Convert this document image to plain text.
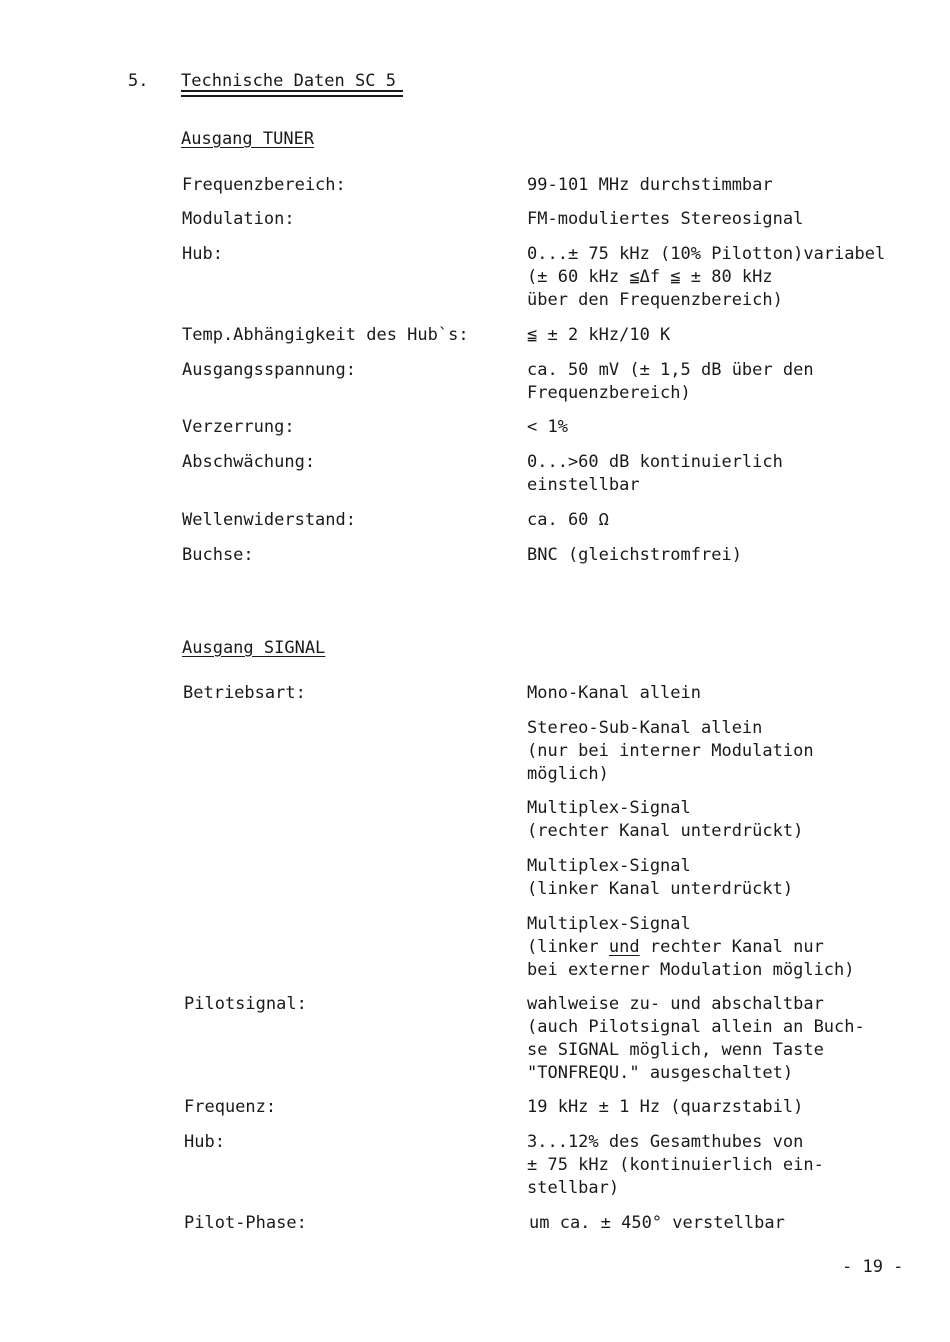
5. Technische Daten SC 5
Ausgang TUNER
Frequenzbereich:	99-101 MHz durchstimmbar
Modulation:	FM-moduliertes Stereosignal
Hub:	0...± 75 kHz (10% Pilotton)variabel
(± 60 kHz ≦Δf ≦ ± 80 kHz
über den Frequenzbereich)
Temp.Abhängigkeit des Hub`s:	≦ ± 2 kHz/10 K
Ausgangsspannung:	ca. 50 mV (± 1,5 dB über den
Frequenzbereich)
Verzerrung:	< 1%
Abschwächung:	0...>60 dB kontinuierlich
einstellbar
Wellenwiderstand:	ca. 60 Ω
Buchse:	BNC (gleichstromfrei)
Ausgang SIGNAL
Betriebsart:	Mono-Kanal allein
Stereo-Sub-Kanal allein
(nur bei interner Modulation
möglich)
Multiplex-Signal
(rechter Kanal unterdrückt)
Multiplex-Signal
(linker Kanal unterdrückt)
Multiplex-Signal
(linker und rechter Kanal nur
bei externer Modulation möglich)
Pilotsignal:	wahlweise zu- und abschaltbar
(auch Pilotsignal allein an Buch-
se SIGNAL möglich, wenn Taste
"TONFREQU." ausgeschaltet)
Frequenz:	19 kHz ± 1 Hz (quarzstabil)
Hub:	3...12% des Gesamthubes von
± 75 kHz (kontinuierlich ein-
stellbar)
Pilot-Phase:	um ca. ± 450° verstellbar
- 19 -
